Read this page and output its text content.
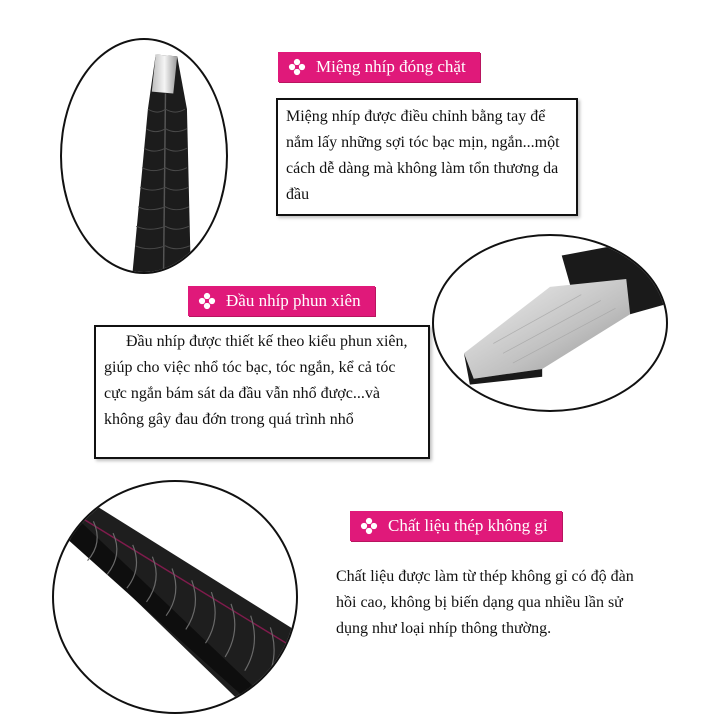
Miệng nhíp đóng chặt
Miệng nhíp được điều chỉnh bằng tay để nắm lấy những sợi tóc bạc mịn, ngắn...một cách dễ dàng mà không làm tổn thương da đầu
Đầu nhíp phun xiên
Đầu nhíp được thiết kế theo kiểu phun xiên, giúp cho việc nhổ tóc bạc, tóc ngắn, kể cả tóc cực ngắn bám sát da đầu vẫn nhổ được...và không gây đau đớn trong quá trình nhổ
Chất liệu thép không gỉ
Chất liệu được làm từ thép không gỉ có độ đàn hồi cao, không bị biến dạng qua nhiều lần sử dụng như loại nhíp thông thường.
